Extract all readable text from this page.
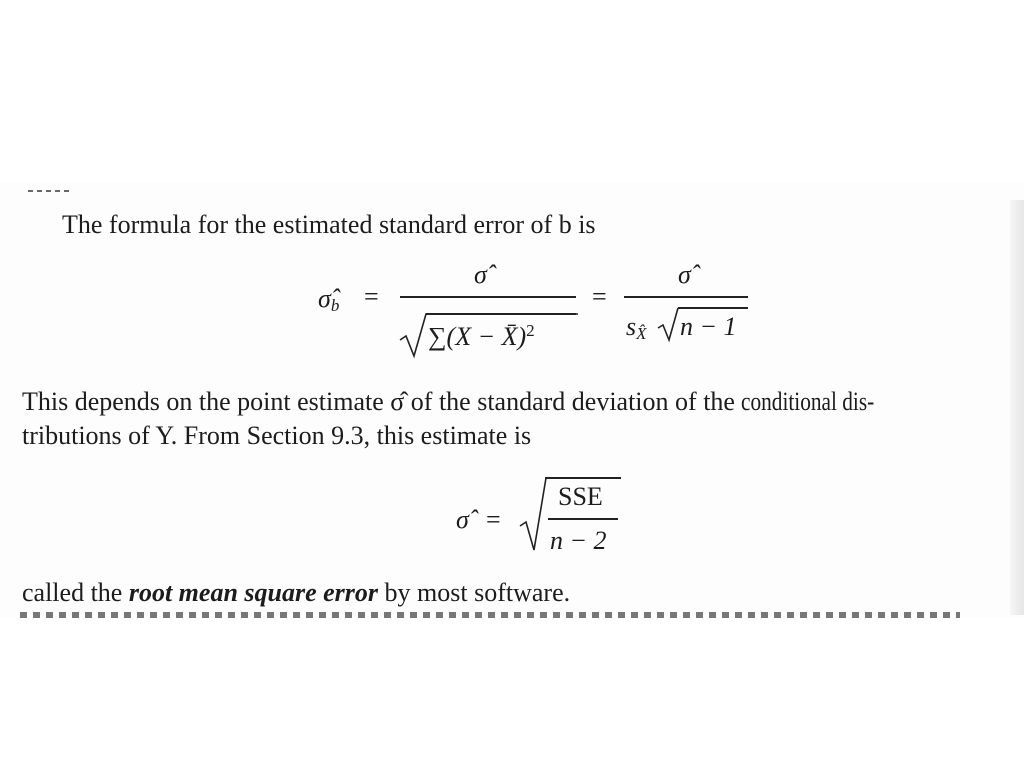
The formula for the estimated standard error of b is
$\sigmâ_b$ =
σ̂
∑(X − X̄)$^2$
=
σ̂
$s_{X̂}$ n − 1
This depends on the point estimate σ̂ of the standard deviation of the conditional dis-
tributions of Y. From Section 9.3, this estimate is
σ̂ =
SSE
n − 2
called the root mean square error by most software.
